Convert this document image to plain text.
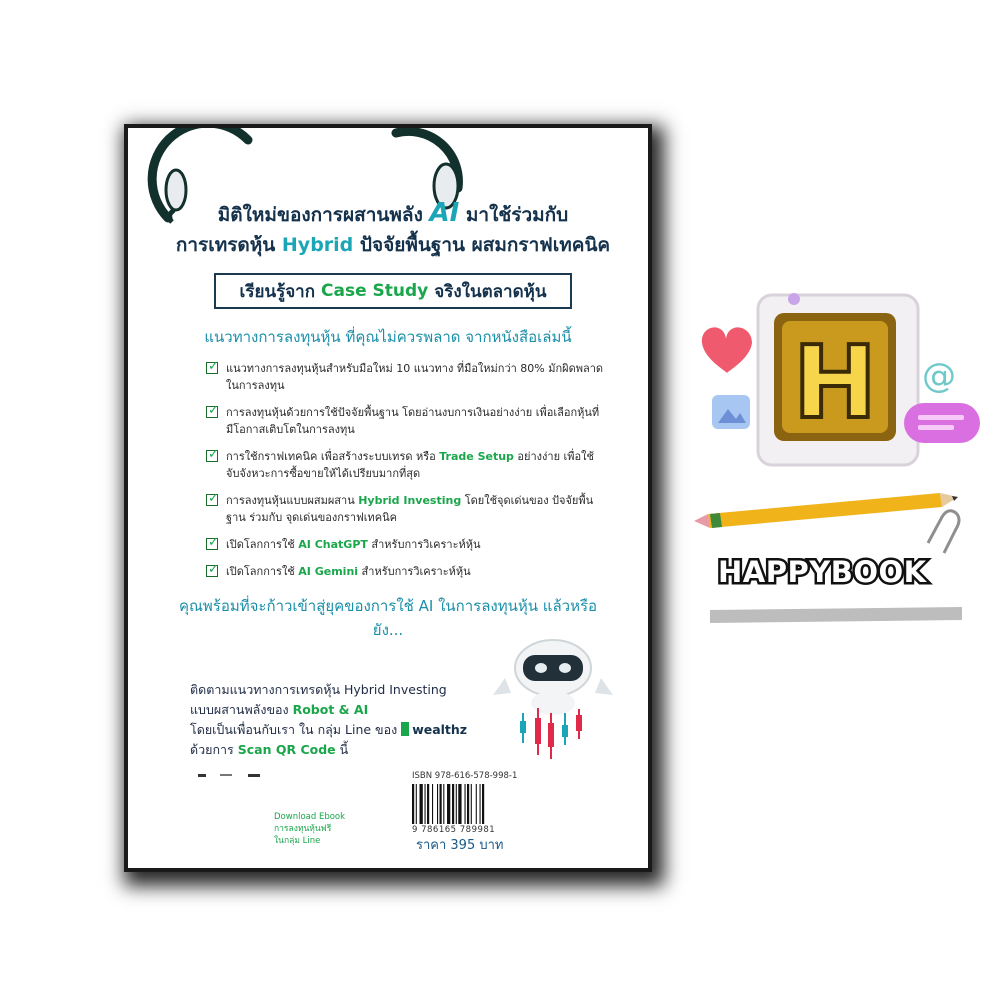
มิติใหม่ของการผสานพลัง AI มาใช้ร่วมกับ
การเทรดหุ้น Hybrid ปัจจัยพื้นฐาน ผสมกราฟเทคนิค
เรียนรู้จาก Case Study จริงในตลาดหุ้น
แนวทางการลงทุนหุ้น ที่คุณไม่ควรพลาด จากหนังสือเล่มนี้
✓
แนวทางการลงทุนหุ้นสำหรับมือใหม่ 10 แนวทาง ที่มือใหม่กว่า 80% มักผิดพลาดในการลงทุน
✓
การลงทุนหุ้นด้วยการใช้ปัจจัยพื้นฐาน โดยอ่านงบการเงินอย่างง่าย เพื่อเลือกหุ้นที่มีโอกาสเติบโตในการลงทุน
✓
การใช้กราฟเทคนิค เพื่อสร้างระบบเทรด หรือ Trade Setup อย่างง่าย เพื่อใช้จับจังหวะการซื้อขายให้ได้เปรียบมากที่สุด
✓
การลงทุนหุ้นแบบผสมผสาน Hybrid Investing โดยใช้จุดเด่นของ ปัจจัยพื้นฐาน ร่วมกับ จุดเด่นของกราฟเทคนิค
✓
เปิดโลกการใช้ AI ChatGPT สำหรับการวิเคราะห์หุ้น
✓
เปิดโลกการใช้ AI Gemini สำหรับการวิเคราะห์หุ้น
คุณพร้อมที่จะก้าวเข้าสู่ยุคของการใช้ AI ในการลงทุนหุ้น แล้วหรือยัง...
ติดตามแนวทางการเทรดหุ้น Hybrid Investing
แบบผสานพลังของ Robot & AI
โดยเป็นเพื่อนกับเรา ใน กลุ่ม Line ของ wealthz
ด้วยการ Scan QR Code นี้
Download Ebook
การลงทุนหุ้นฟรี
ในกลุ่ม Line
ISBN 978-616-578-998-1
9 786165 789981
ราคา 395 บาท
H @
HAPPYBOOK
